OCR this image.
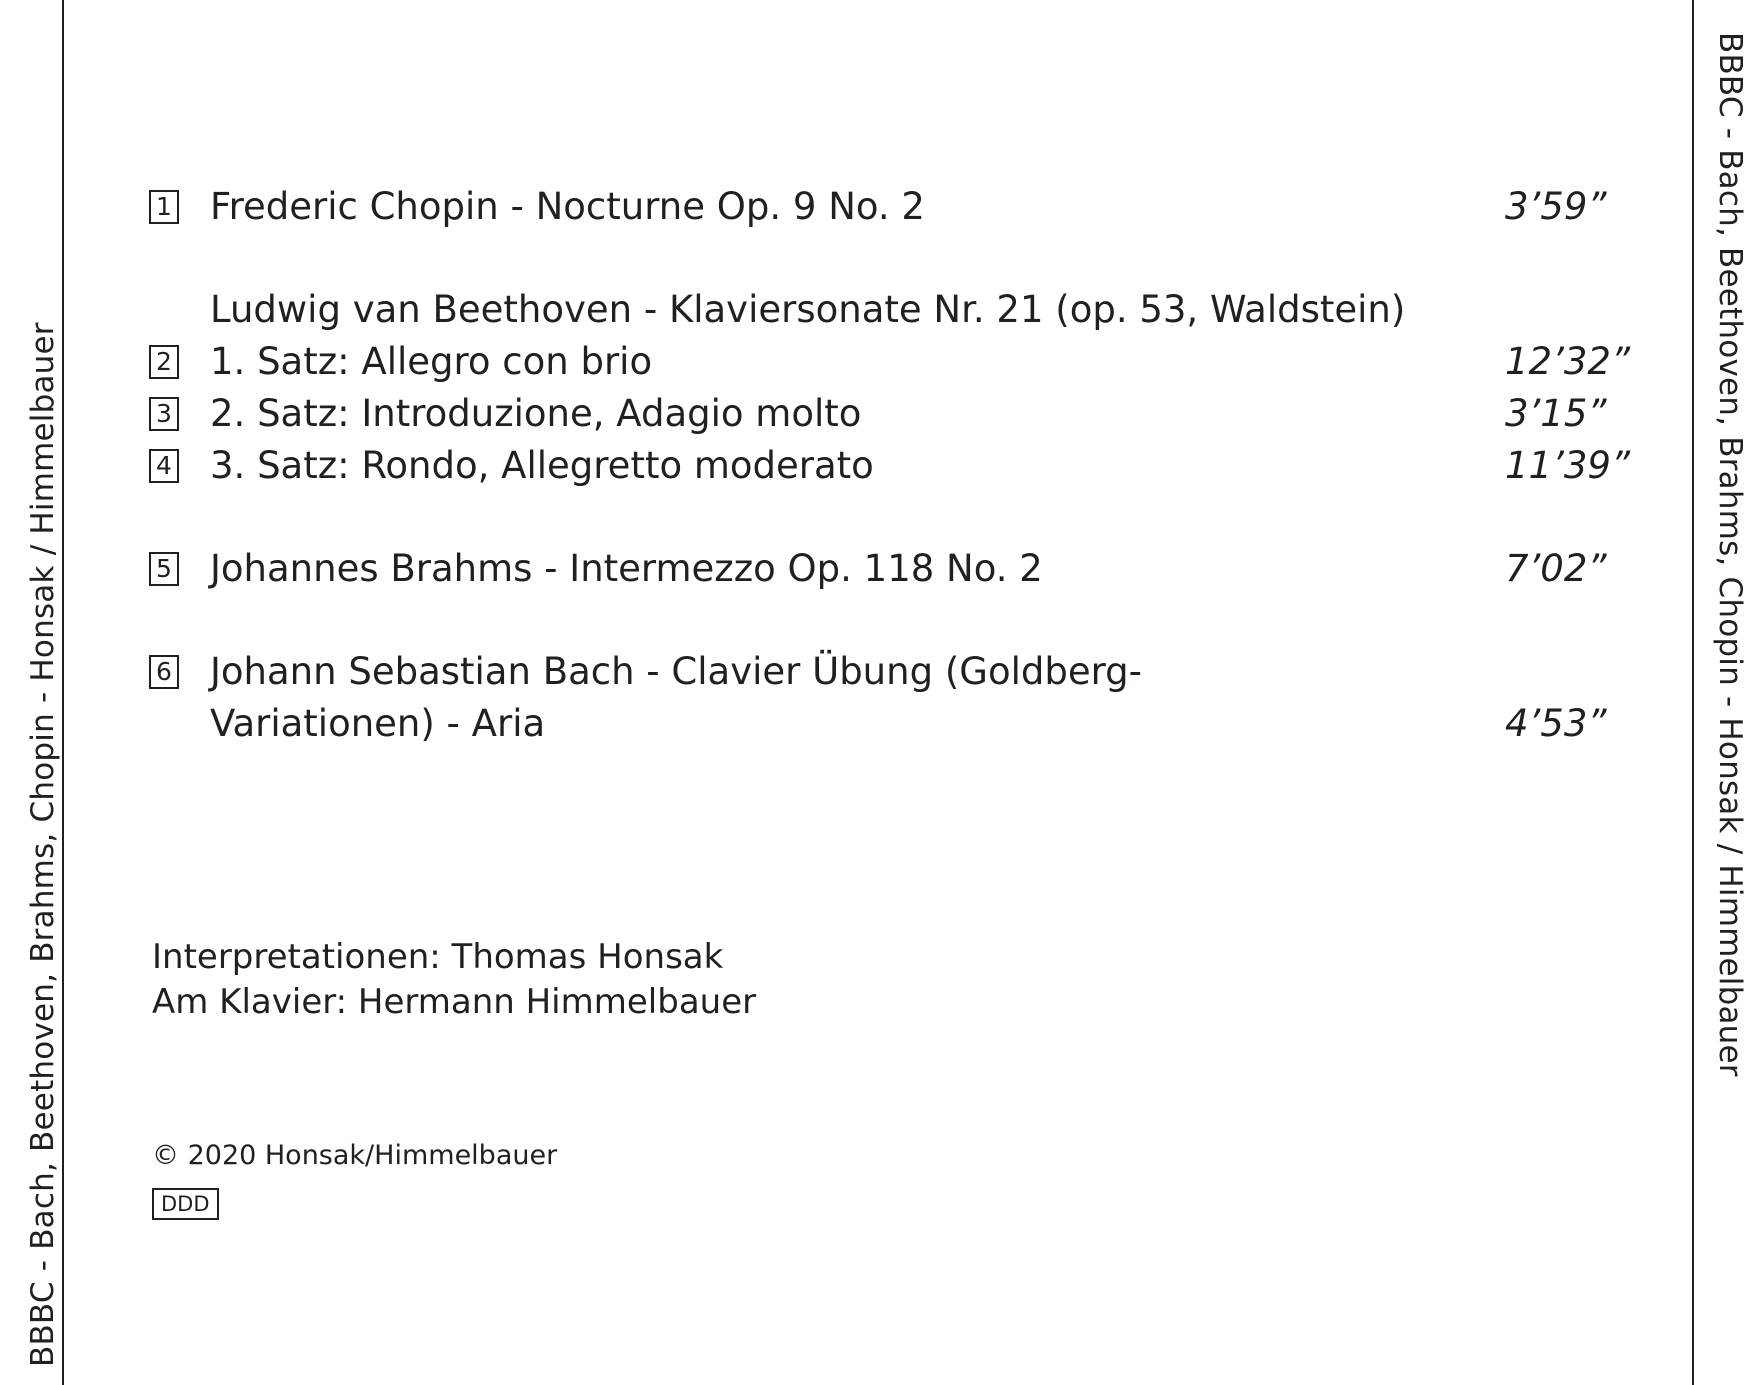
BBBC - Bach, Beethoven, Brahms, Chopin - Honsak / Himmelbauer	BBBC - Bach, Beethoven, Brahms, Chopin - Honsak / Himmelbauer
1 Frederic Chopin - Nocturne Op. 9 No. 2	3’59”
Ludwig van Beethoven - Klaviersonate Nr. 21 (op. 53, Waldstein)
2 1. Satz: Allegro con brio	12’32”
3 2. Satz: Introduzione, Adagio molto	3’15”
4 3. Satz: Rondo, Allegretto moderato	11’39”
5 Johannes Brahms - Intermezzo Op. 118 No. 2	7’02”
6 Johann Sebastian Bach - Clavier Übung (Goldberg-
Variationen) - Aria	4’53”
Interpretationen: Thomas Honsak
Am Klavier: Hermann Himmelbauer
© 2020 Honsak/Himmelbauer
DDD
